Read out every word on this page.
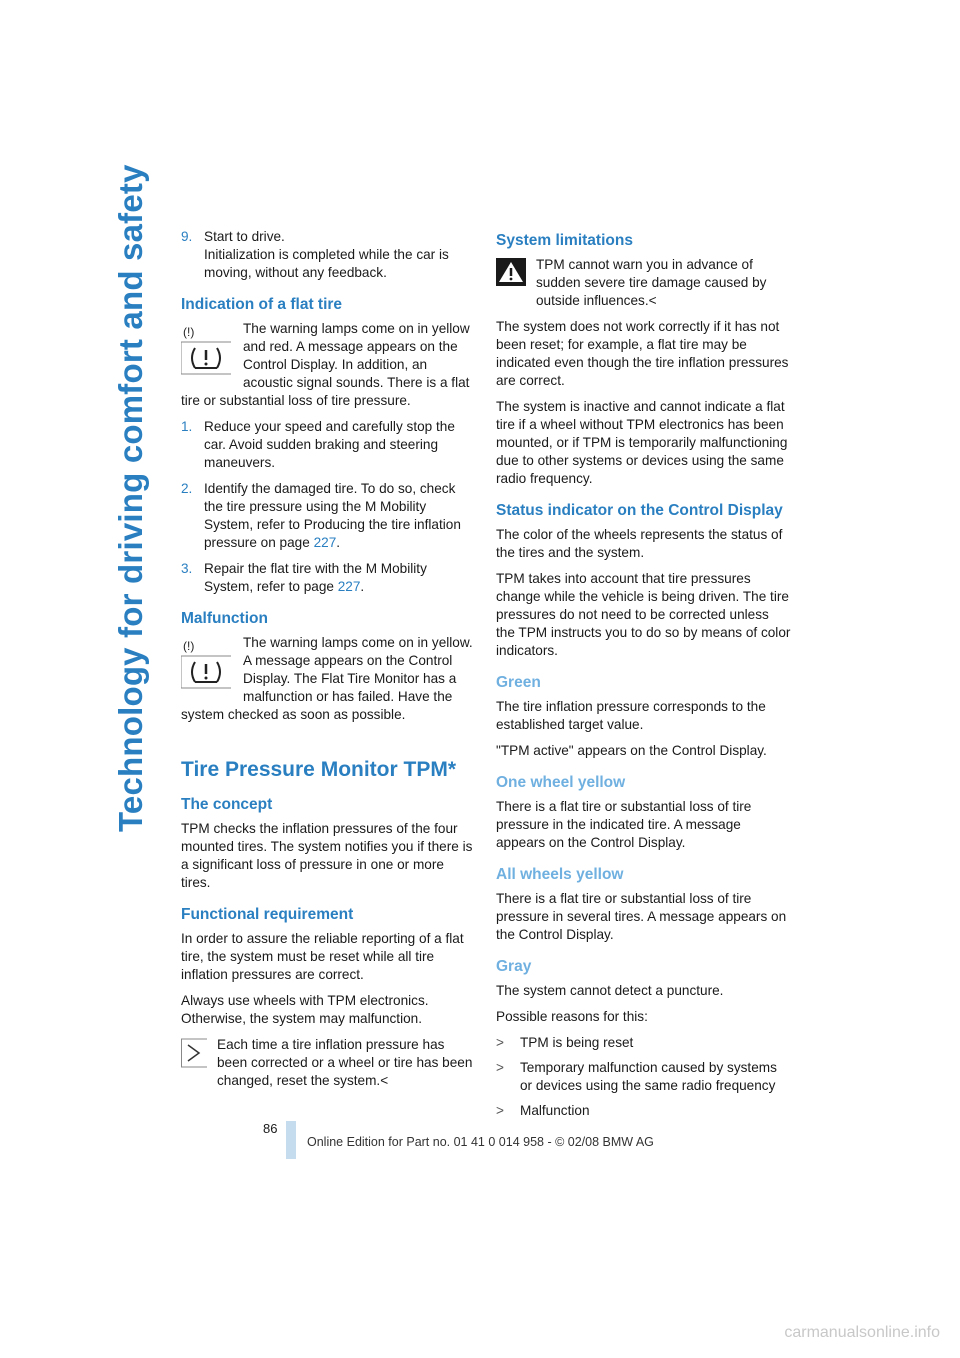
Technology for driving comfort and safety 9. Start to drive.
Initialization is completed while the car is moving, without any feedback.
Indication of a flat tire
(!)	The warning lamps come on in yellow and red. A message appears on the Control Display. In addition, an acoustic signal sounds. There is a flat tire or substantial loss of tire pressure.

1. Reduce your speed and carefully stop the car. Avoid sudden braking and steering maneuvers.
2. Identify the damaged tire. To do so, check the tire pressure using the M Mobility System, refer to Producing the tire inflation pressure on page 227.
3. Repair the flat tire with the M Mobility System, refer to page 227.
Malfunction
(!)	The warning lamps come on in yellow. A message appears on the Control Display. The Flat Tire Monitor has a malfunction or has failed. Have the system checked as soon as possible.

Tire Pressure Monitor TPM*
The concept

TPM checks the inflation pressures of the four mounted tires. The system notifies you if there is a significant loss of pressure in one or more tires.

Functional requirement

In order to assure the reliable reporting of a flat tire, the system must be reset while all tire inflation pressures are correct.

Always use wheels with TPM electronics. Otherwise, the system may malfunction.

Each time a tire inflation pressure has been corrected or a wheel or tire has been changed, reset the system.<

System limitations

TPM cannot warn you in advance of sudden severe tire damage caused by outside influences.<

The system does not work correctly if it has not been reset; for example, a flat tire may be indicated even though the tire inflation pressures are correct.

The system is inactive and cannot indicate a flat tire if a wheel without TPM electronics has been mounted, or if TPM is temporarily malfunctioning due to other systems or devices using the same radio frequency.

Status indicator on the Control Display

The color of the wheels represents the status of the tires and the system.

TPM takes into account that tire pressures change while the vehicle is being driven. The tire pressures do not need to be corrected unless the TPM instructs you to do so by means of color indicators.

Green

The tire inflation pressure corresponds to the established target value.

"TPM active" appears on the Control Display.

One wheel yellow

There is a flat tire or substantial loss of tire pressure in the indicated tire. A message appears on the Control Display.

All wheels yellow

There is a flat tire or substantial loss of tire pressure in several tires. A message appears on the Control Display.

Gray

The system cannot detect a puncture.

Possible reasons for this:

>	TPM is being reset
>	Temporary malfunction caused by systems or devices using the same radio frequency
>	Malfunction
86
Online Edition for Part no. 01 41 0 014 958 - © 02/08 BMW AG
carmanualsonline.info
